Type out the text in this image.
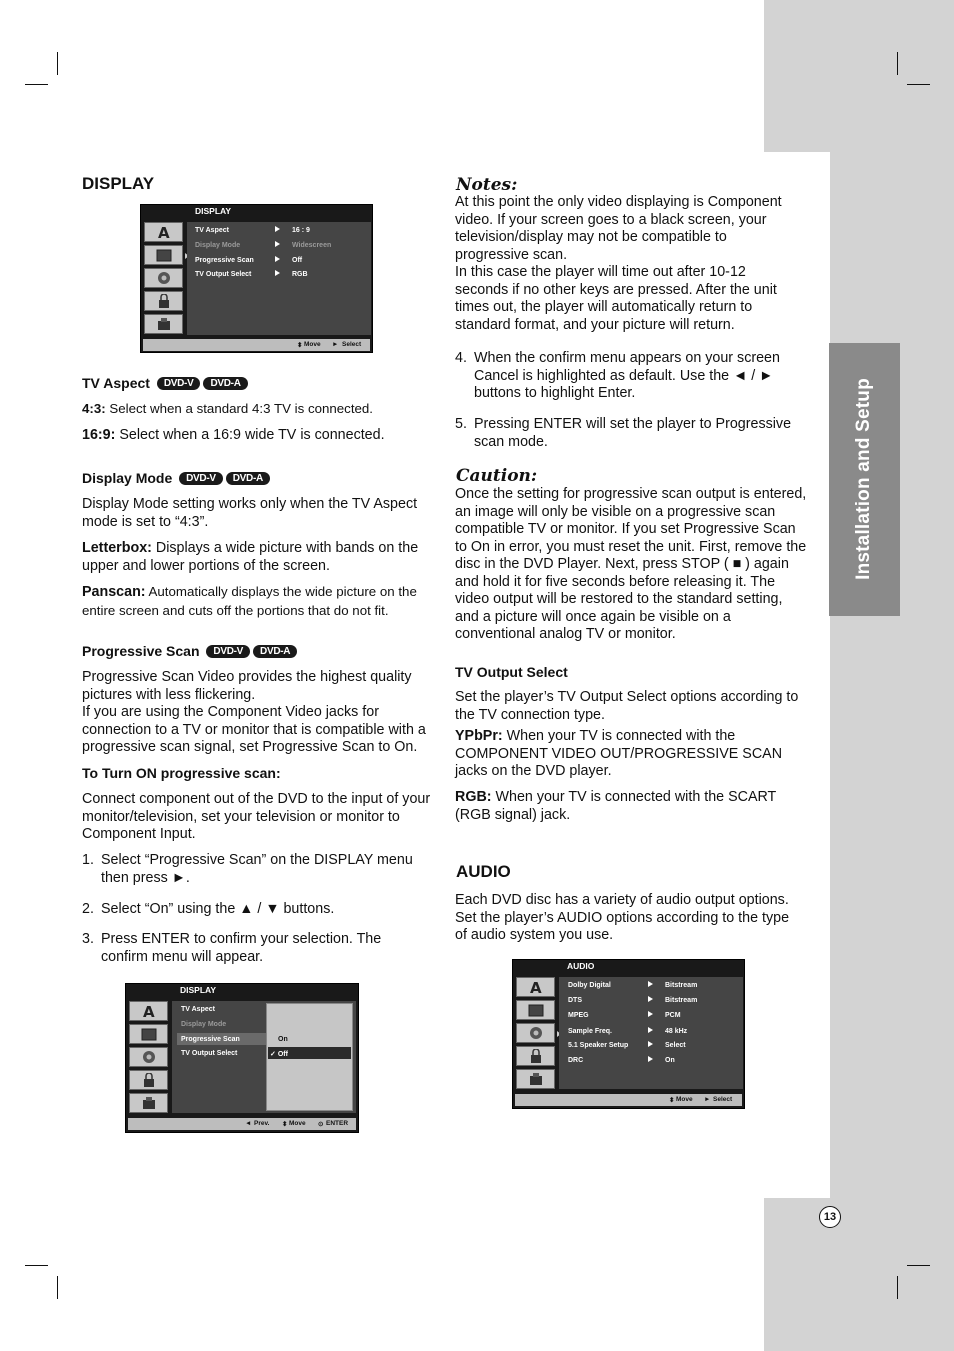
Installation and Setup
13
DISPLAY
DISPLAY
A	TV Aspect	16 : 9
Display Mode	Widescreen
Progressive Scan	Off
TV Output Select	RGB
⬍ Move ► Select
TV Aspect DVD-V DVD-A
4:3: Select when a standard 4:3 TV is connected.
16:9: Select when a 16:9 wide TV is connected.
Display Mode DVD-V DVD-A
Display Mode setting works only when the TV Aspect mode is set to “4:3”.
Letterbox: Displays a wide picture with bands on the upper and lower portions of the screen.
Panscan: Automatically displays the wide picture on the entire screen and cuts off the portions that do not fit.
Progressive Scan DVD-V DVD-A
Progressive Scan Video provides the highest quality pictures with less flickering.
If you are using the Component Video jacks for connection to a TV or monitor that is compatible with a progressive scan signal, set Progressive Scan to On.
To Turn ON progressive scan:
Connect component out of the DVD to the input of your monitor/television, set your television or monitor to Component Input.
1. Select “Progressive Scan” on the DISPLAY menu then press ►.
2. Select “On” using the ▲ / ▼ buttons.
3. Press ENTER to confirm your selection. The confirm menu will appear.
DISPLAY
A	TV Aspect
Display Mode
Progressive Scan
TV Output Select
On
✓ Off
◄ Prev. ⬍ Move ⊙ ENTER
Notes:
At this point the only video displaying is Component video. If your screen goes to a black screen, your television/display may not be compatible to progressive scan.
In this case the player will time out after 10-12 seconds if no other keys are pressed. After the unit times out, the player will automatically return to standard format, and your picture will return.
4. When the confirm menu appears on your screen Cancel is highlighted as default. Use the ◄ / ► buttons to highlight Enter.
5. Pressing ENTER will set the player to Progressive scan mode.
Caution:
Once the setting for progressive scan output is entered, an image will only be visible on a progressive scan compatible TV or monitor. If you set Progressive Scan to On in error, you must reset the unit. First, remove the disc in the DVD Player. Next, press STOP ( ■ ) again and hold it for five seconds before releasing it. The video output will be restored to the standard setting, and a picture will once again be visible on a conventional analog TV or monitor.
TV Output Select
Set the player’s TV Output Select options according to the TV connection type.
YPbPr: When your TV is connected with the COMPONENT VIDEO OUT/PROGRESSIVE SCAN jacks on the DVD player.
RGB: When your TV is connected with the SCART (RGB signal) jack.
AUDIO
Each DVD disc has a variety of audio output options. Set the player’s AUDIO options according to the type of audio system you use.
AUDIO
A	Dolby Digital	Bitstream
DTS	Bitstream
MPEG	PCM
Sample Freq.	48 kHz
5.1 Speaker Setup	Select
DRC	On
⬍ Move ► Select
